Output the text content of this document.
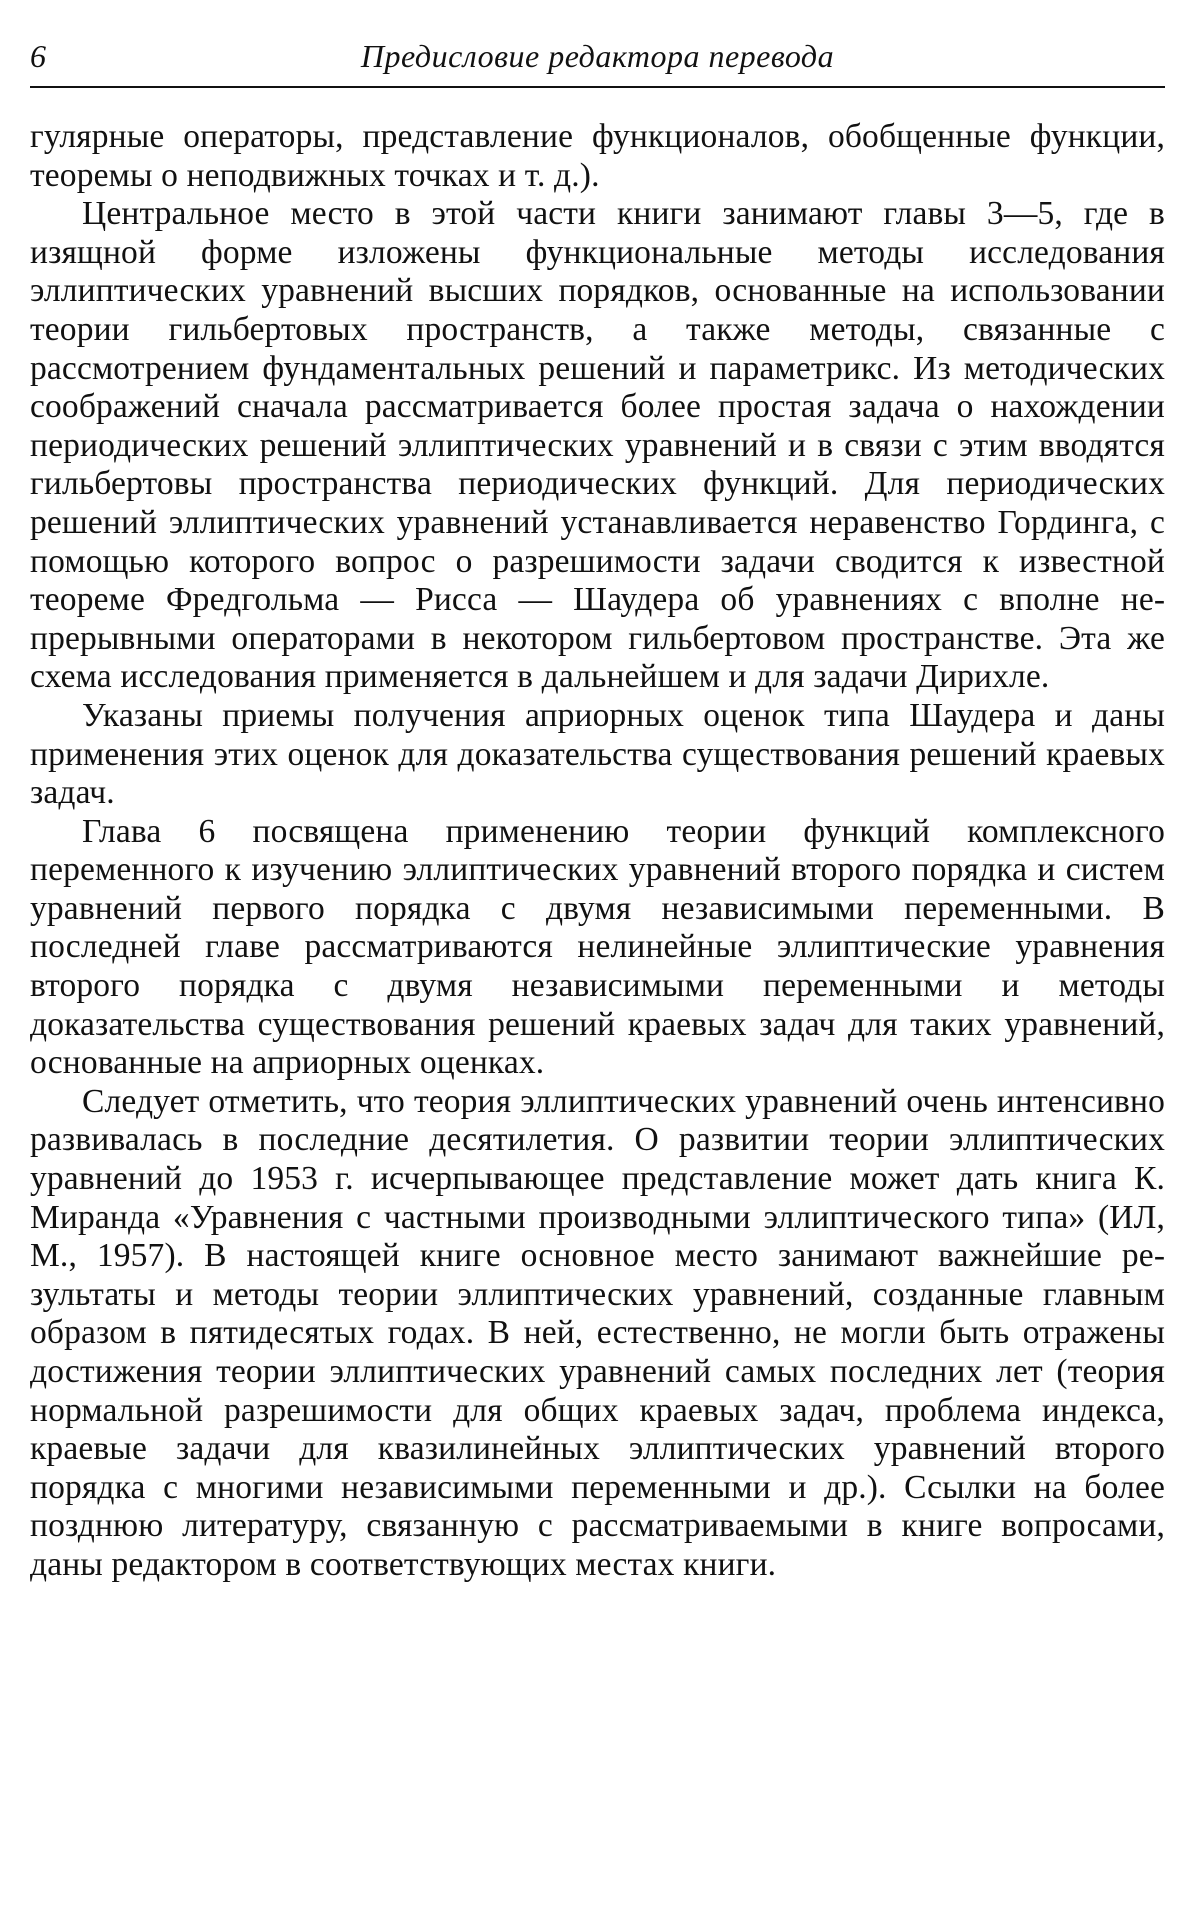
6	Предисловие редактора перевода

гулярные операторы, представление функционалов, обобщенные функции, теоремы о неподвижных точках и т. д.).

Центральное место в этой части книги занимают главы 3—5, где в изящной форме изложены функциональные методы исследования эллиптических уравнений высших порядков, основанные на использовании теории гильбертовых пространств, а также методы, связанные с рассмотрением фундаментальных решений и параметрикс. Из методических соображений сначала рассматривается более простая задача о нахождении периодических решений эллиптических уравнений и в связи с этим вводятся гильбертовы пространства периодических функций. Для периодических решений эллиптических уравнений устанавливается неравенство Гординга, с помощью которого вопрос о разрешимости задачи сводится к известной теореме Фредгольма — Рисса — Шаудера об уравнениях с вполне непрерывными операторами в некотором гильбертовом пространстве. Эта же схема исследования применяется в дальнейшем и для задачи Дирихле.

Указаны приемы получения априорных оценок типа Шаудера и даны применения этих оценок для доказательства существования решений краевых задач.

Глава 6 посвящена применению теории функций комплексного переменного к изучению эллиптических уравнений второго порядка и систем уравнений первого порядка с двумя независимыми переменными. В последней главе рассматриваются нелинейные эллиптические уравнения второго порядка с двумя независимыми переменными и методы доказательства существования решений краевых задач для таких уравнений, основанные на априорных оценках.

Следует отметить, что теория эллиптических уравнений очень интенсивно развивалась в последние десятилетия. О развитии теории эллиптических уравнений до 1953 г. исчерпывающее представление может дать книга К. Миранда «Уравнения с частными производными эллиптического типа» (ИЛ, М., 1957). В настоящей книге основное место занимают важнейшие результаты и методы теории эллиптических уравнений, созданные главным образом в пятидесятых годах. В ней, естественно, не могли быть отражены достижения теории эллиптических уравнений самых последних лет (теория нормальной разрешимости для общих краевых задач, проблема индекса, краевые задачи для квазилинейных эллиптических уравнений второго порядка с многими независимыми переменными и др.). Ссылки на более позднюю литературу, связанную с рассматриваемыми в книге вопросами, даны редактором в соответствующих местах книги.
